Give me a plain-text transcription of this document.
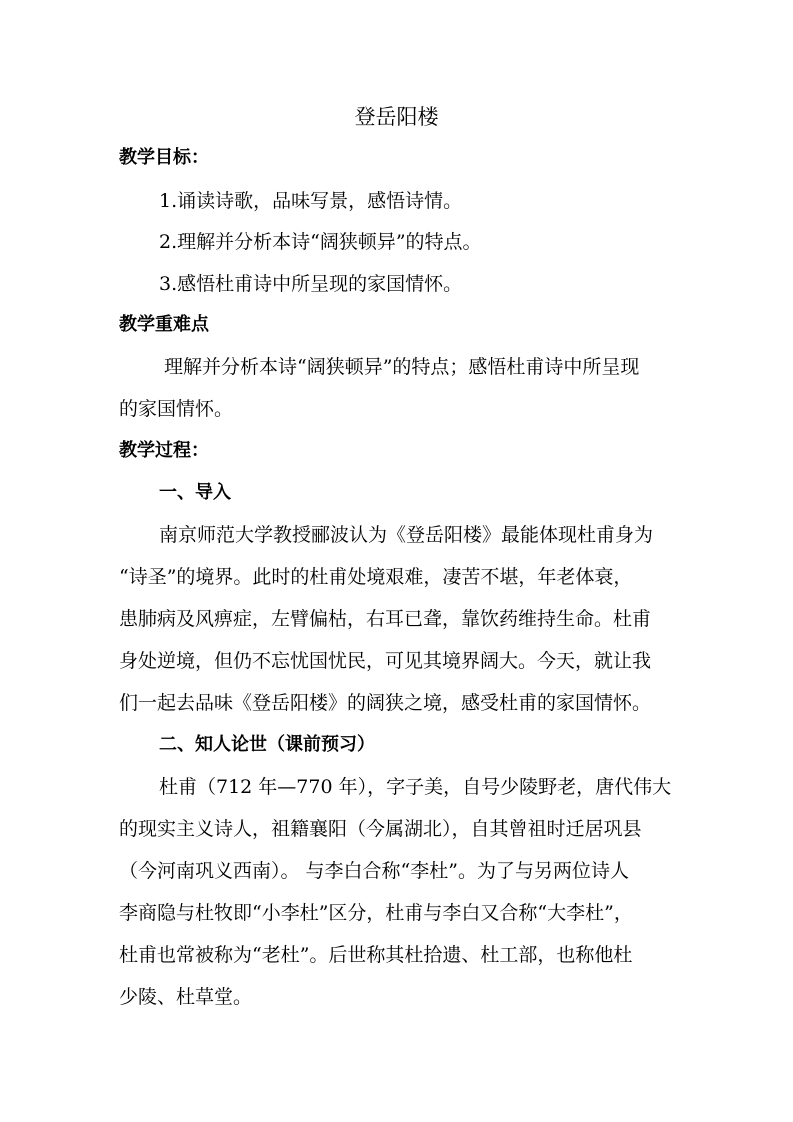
登岳阳楼
教学目标：
1.诵读诗歌，品味写景，感悟诗情。
2.理解并分析本诗“阔狭顿异”的特点。
3.感悟杜甫诗中所呈现的家国情怀。
教学重难点
理解并分析本诗“阔狭顿异”的特点；感悟杜甫诗中所呈现
的家国情怀。
教学过程：
一、导入
南京师范大学教授郦波认为《登岳阳楼》最能体现杜甫身为
“诗圣”的境界。此时的杜甫处境艰难，凄苦不堪，年老体衰，
患肺病及风痹症，左臂偏枯，右耳已聋，靠饮药维持生命。杜甫
身处逆境，但仍不忘忧国忧民，可见其境界阔大。今天，就让我
们一起去品味《登岳阳楼》的阔狭之境，感受杜甫的家国情怀。
二、知人论世（课前预习）
杜甫（712 年—770 年），字子美，自号少陵野老，唐代伟大
的现实主义诗人，祖籍襄阳（今属湖北），自其曾祖时迁居巩县
（今河南巩义西南）。 与李白合称“李杜”。为了与另两位诗人
李商隐与杜牧即“小李杜”区分，杜甫与李白又合称“大李杜”，
杜甫也常被称为“老杜”。后世称其杜拾遗、杜工部，也称他杜
少陵、杜草堂。
